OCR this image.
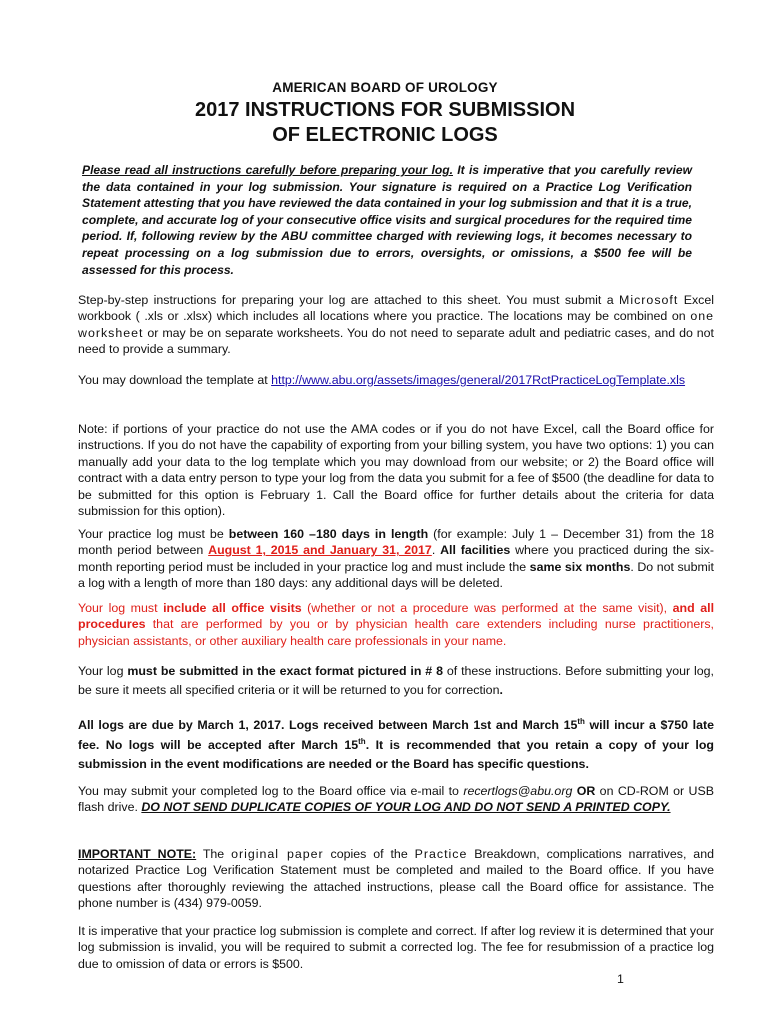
AMERICAN BOARD OF UROLOGY
2017 INSTRUCTIONS FOR SUBMISSION
OF ELECTRONIC LOGS
Please read all instructions carefully before preparing your log. It is imperative that you carefully review the data contained in your log submission. Your signature is required on a Practice Log Verification Statement attesting that you have reviewed the data contained in your log submission and that it is a true, complete, and accurate log of your consecutive office visits and surgical procedures for the required time period. If, following review by the ABU committee charged with reviewing logs, it becomes necessary to repeat processing on a log submission due to errors, oversights, or omissions, a $500 fee will be assessed for this process.
Step-by-step instructions for preparing your log are attached to this sheet. You must submit a Microsoft Excel workbook ( .xls or .xlsx) which includes all locations where you practice. The locations may be combined on one worksheet or may be on separate worksheets. You do not need to separate adult and pediatric cases, and do not need to provide a summary.
You may download the template at http://www.abu.org/assets/images/general/2017RctPracticeLogTemplate.xls
Note: if portions of your practice do not use the AMA codes or if you do not have Excel, call the Board office for instructions. If you do not have the capability of exporting from your billing system, you have two options: 1) you can manually add your data to the log template which you may download from our website; or 2) the Board office will contract with a data entry person to type your log from the data you submit for a fee of $500 (the deadline for data to be submitted for this option is February 1. Call the Board office for further details about the criteria for data submission for this option).
Your practice log must be between 160 –180 days in length (for example: July 1 – December 31) from the 18 month period between August 1, 2015 and January 31, 2017. All facilities where you practiced during the six-month reporting period must be included in your practice log and must include the same six months. Do not submit a log with a length of more than 180 days: any additional days will be deleted.
Your log must include all office visits (whether or not a procedure was performed at the same visit), and all procedures that are performed by you or by physician health care extenders including nurse practitioners, physician assistants, or other auxiliary health care professionals in your name.
Your log must be submitted in the exact format pictured in # 8 of these instructions. Before submitting your log, be sure it meets all specified criteria or it will be returned to you for correction.
All logs are due by March 1, 2017. Logs received between March 1st and March 15th will incur a $750 late fee. No logs will be accepted after March 15th. It is recommended that you retain a copy of your log submission in the event modifications are needed or the Board has specific questions.
You may submit your completed log to the Board office via e-mail to recertlogs@abu.org OR on CD-ROM or USB flash drive. DO NOT SEND DUPLICATE COPIES OF YOUR LOG AND DO NOT SEND A PRINTED COPY.
IMPORTANT NOTE: The original paper copies of the Practice Breakdown, complications narratives, and notarized Practice Log Verification Statement must be completed and mailed to the Board office. If you have questions after thoroughly reviewing the attached instructions, please call the Board office for assistance. The phone number is (434) 979-0059.
It is imperative that your practice log submission is complete and correct. If after log review it is determined that your log submission is invalid, you will be required to submit a corrected log. The fee for resubmission of a practice log due to omission of data or errors is $500.
1
